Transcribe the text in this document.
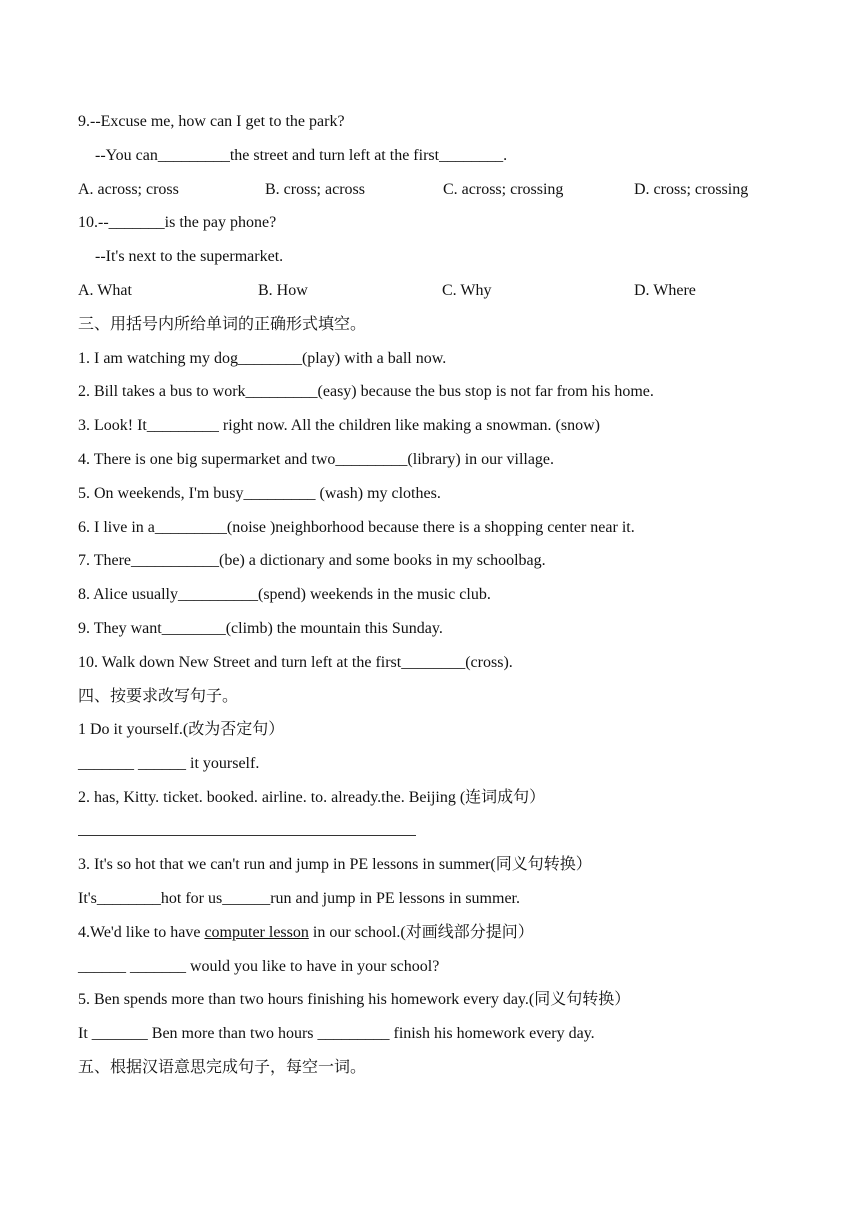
9.--Excuse me, how can I get to the park?
--You can_________the street and turn left at the first________.
A. across; cross	B. cross; across	C. across; crossing	D. cross; crossing
10.--_______is the pay phone?
--It's next to the supermarket.
A. What	B. How	C. Why	D. Where
三、用括号内所给单词的正确形式填空。
1. I am watching my dog________(play) with a ball now.
2. Bill takes a bus to work_________(easy) because the bus stop is not far from his home.
3. Look! It_________ right now. All the children like making a snowman. (snow)
4. There is one big supermarket and two_________(library) in our village.
5. On weekends, I'm busy_________ (wash) my clothes.
6. I live in a_________(noise )neighborhood because there is a shopping center near it.
7. There___________(be) a dictionary and some books in my schoolbag.
8. Alice usually__________(spend) weekends in the music club.
9. They want________(climb) the mountain this Sunday.
10. Walk down New Street and turn left at the first________(cross).
四、按要求改写句子。
1 Do it yourself.(改为否定句）
_______ ______ it yourself.
2. has, Kitty. ticket. booked. airline. to. already.the. Beijing (连词成句）
3. It's so hot that we can't run and jump in PE lessons in summer(同义句转换）
It's________hot for us______run and jump in PE lessons in summer.
4.We'd like to have computer lesson in our school.(对画线部分提问）
______ _______ would you like to have in your school?
5. Ben spends more than two hours finishing his homework every day.(同义句转换）
It _______ Ben more than two hours _________ finish his homework every day.
五、根据汉语意思完成句子，每空一词。
